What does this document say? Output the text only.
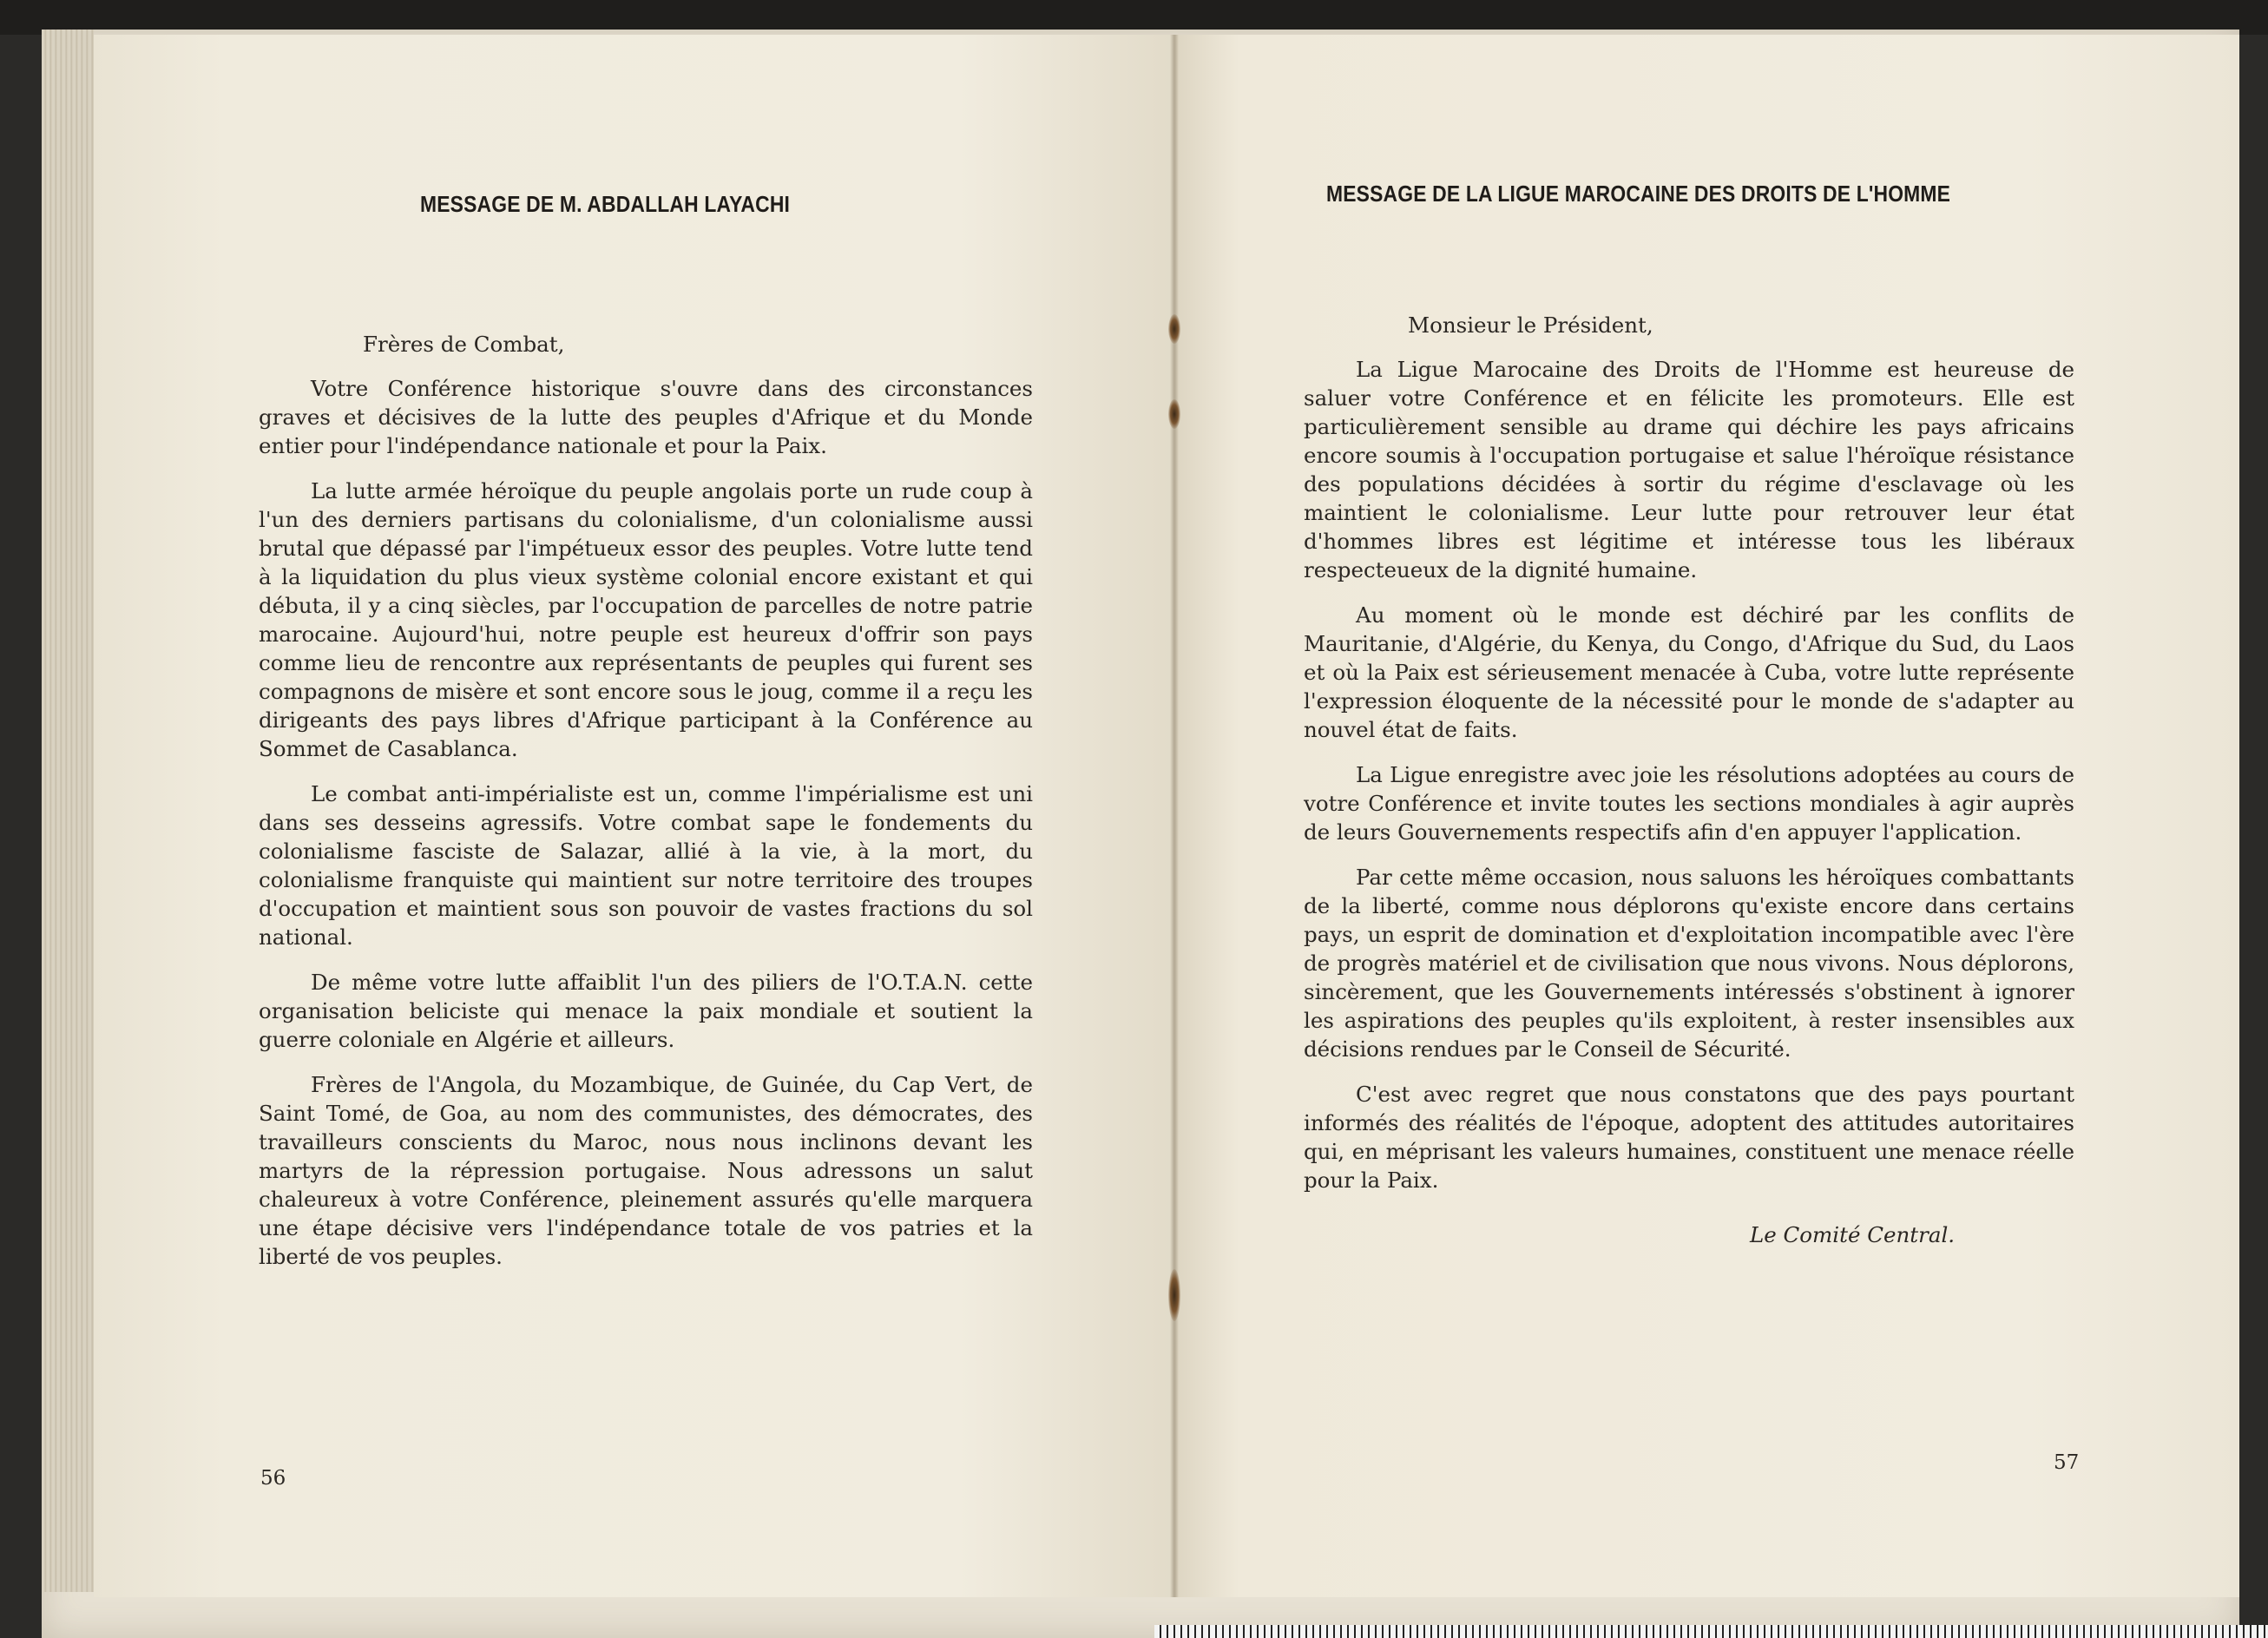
MESSAGE DE M. ABDALLAH LAYACHI

Frères de Combat,

Votre Conférence historique s'ouvre dans des circonstances graves et décisives de la lutte des peuples d'Afrique et du Monde entier pour l'indépendance nationale et pour la Paix.

La lutte armée héroïque du peuple angolais porte un rude coup à l'un des derniers partisans du colonialisme, d'un colonialisme aussi brutal que dépassé par l'impétueux essor des peuples. Votre lutte tend à la liquidation du plus vieux système colonial encore existant et qui débuta, il y a cinq siècles, par l'occupation de parcelles de notre patrie marocaine. Aujourd'hui, notre peuple est heureux d'offrir son pays comme lieu de rencontre aux représentants de peuples qui furent ses compagnons de misère et sont encore sous le joug, comme il a reçu les dirigeants des pays libres d'Afrique participant à la Conférence au Sommet de Casablanca.

Le combat anti-impérialiste est un, comme l'impérialisme est uni dans ses desseins agressifs. Votre combat sape le fondements du colonialisme fasciste de Salazar, allié à la vie, à la mort, du colonialisme franquiste qui maintient sur notre territoire des troupes d'occupation et maintient sous son pouvoir de vastes fractions du sol national.

De même votre lutte affaiblit l'un des piliers de l'O.T.A.N. cette organisation beliciste qui menace la paix mondiale et soutient la guerre coloniale en Algérie et ailleurs.

Frères de l'Angola, du Mozambique, de Guinée, du Cap Vert, de Saint Tomé, de Goa, au nom des communistes, des démocrates, des travailleurs conscients du Maroc, nous nous inclinons devant les martyrs de la répression portugaise. Nous adressons un salut chaleureux à votre Conférence, pleinement assurés qu'elle marquera une étape décisive vers l'indépendance totale de vos patries et la liberté de vos peuples.

56
MESSAGE DE LA LIGUE MAROCAINE DES DROITS DE L'HOMME

Monsieur le Président,

La Ligue Marocaine des Droits de l'Homme est heureuse de saluer votre Conférence et en félicite les promoteurs. Elle est particulièrement sensible au drame qui déchire les pays africains encore soumis à l'occupation portugaise et salue l'héroïque résistance des populations décidées à sortir du régime d'esclavage où les maintient le colonialisme. Leur lutte pour retrouver leur état d'hommes libres est légitime et intéresse tous les libéraux respecteueux de la dignité humaine.

Au moment où le monde est déchiré par les conflits de Mauritanie, d'Algérie, du Kenya, du Congo, d'Afrique du Sud, du Laos et où la Paix est sérieusement menacée à Cuba, votre lutte représente l'expression éloquente de la nécessité pour le monde de s'adapter au nouvel état de faits.

La Ligue enregistre avec joie les résolutions adoptées au cours de votre Conférence et invite toutes les sections mondiales à agir auprès de leurs Gouvernements respectifs afin d'en appuyer l'application.

Par cette même occasion, nous saluons les héroïques combattants de la liberté, comme nous déplorons qu'existe encore dans certains pays, un esprit de domination et d'exploitation incompatible avec l'ère de progrès matériel et de civilisation que nous vivons. Nous déplorons, sincèrement, que les Gouvernements intéressés s'obstinent à ignorer les aspirations des peuples qu'ils exploitent, à rester insensibles aux décisions rendues par le Conseil de Sécurité.

C'est avec regret que nous constatons que des pays pourtant informés des réalités de l'époque, adoptent des attitudes autoritaires qui, en méprisant les valeurs humaines, constituent une menace réelle pour la Paix.

Le Comité Central.
57
